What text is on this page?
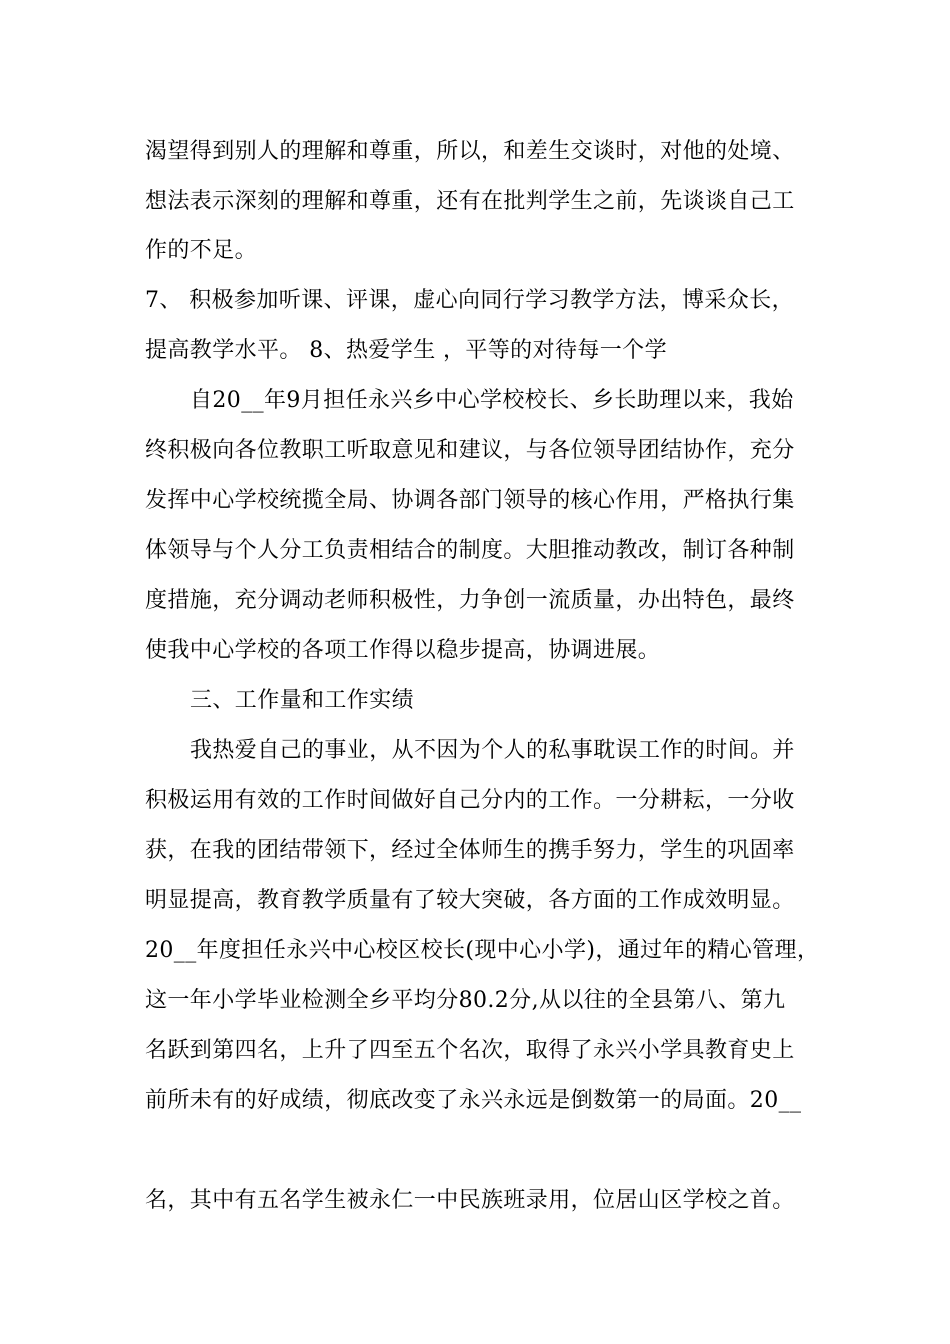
渴望得到别人的理解和尊重，所以，和差生交谈时，对他的处境、
想法表示深刻的理解和尊重，还有在批判学生之前，先谈谈自己工
作的不足。
7、 积极参加听课、评课，虚心向同行学习教学方法，博采众长，
提高教学水平。 8、热爱学生 ，平等的对待每一个学
自20__年9月担任永兴乡中心学校校长、乡长助理以来，我始
终积极向各位教职工听取意见和建议，与各位领导团结协作，充分
发挥中心学校统揽全局、协调各部门领导的核心作用，严格执行集
体领导与个人分工负责相结合的制度。大胆推动教改，制订各种制
度措施，充分调动老师积极性，力争创一流质量，办出特色，最终
使我中心学校的各项工作得以稳步提高，协调进展。
三、工作量和工作实绩
我热爱自己的事业，从不因为个人的私事耽误工作的时间。并
积极运用有效的工作时间做好自己分内的工作。一分耕耘，一分收
获，在我的团结带领下，经过全体师生的携手努力，学生的巩固率
明显提高，教育教学质量有了较大突破，各方面的工作成效明显。
20__年度担任永兴中心校区校长(现中心小学)，通过年的精心管理，
这一年小学毕业检测全乡平均分80.2分,从以往的全县第八、第九
名跃到第四名，上升了四至五个名次，取得了永兴小学具教育史上
前所未有的好成绩，彻底改变了永兴永远是倒数第一的局面。20__
名，其中有五名学生被永仁一中民族班录用，位居山区学校之首。
